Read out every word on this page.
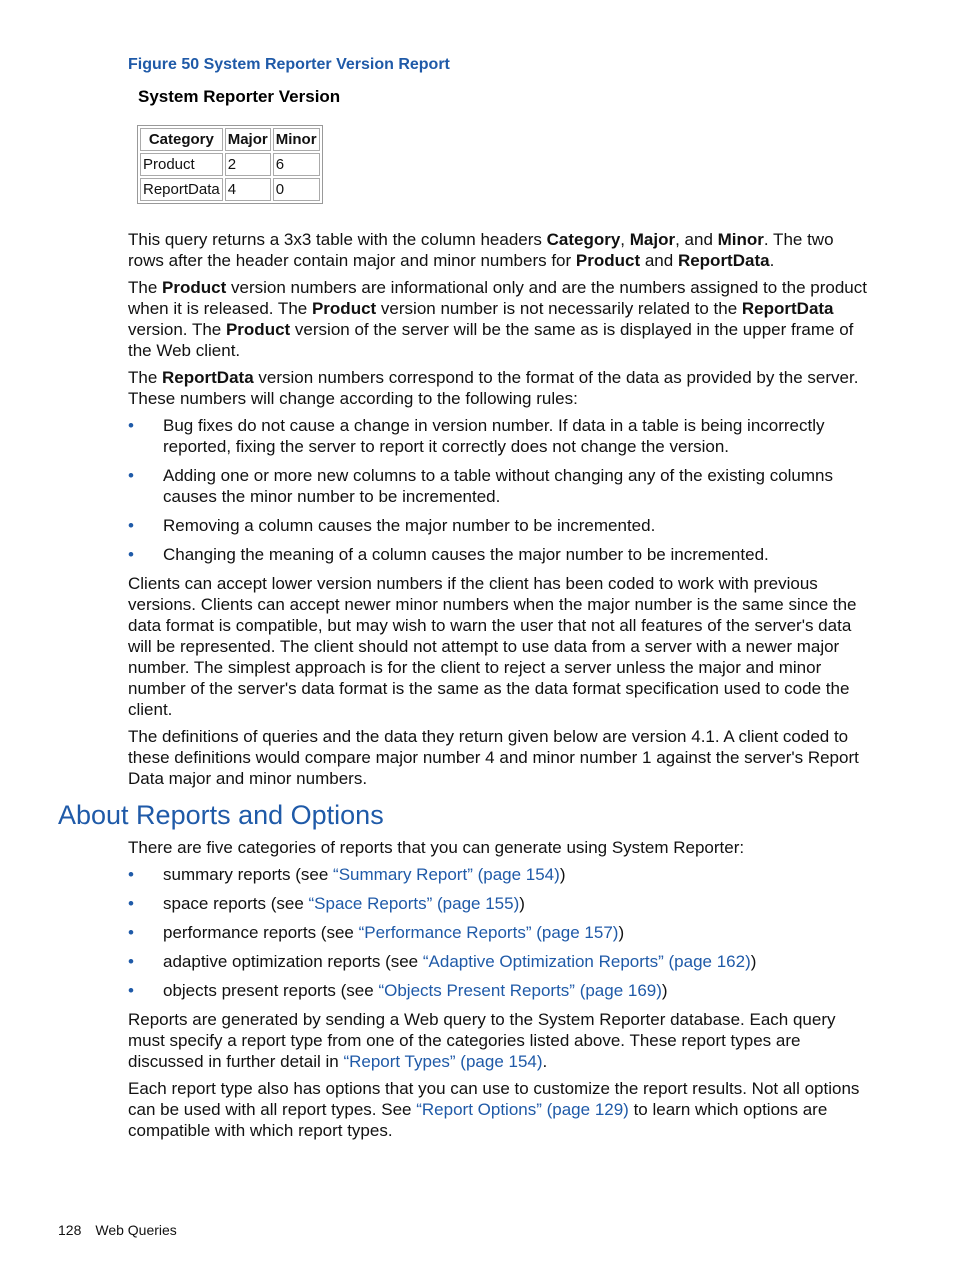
Figure 50 System Reporter Version Report
System Reporter Version
Category	Major	Minor
Product	2	6
ReportData	4	0

This query returns a 3x3 table with the column headers Category, Major, and Minor. The two rows after the header contain major and minor numbers for Product and ReportData.

The Product version numbers are informational only and are the numbers assigned to the product when it is released. The Product version number is not necessarily related to the ReportData version. The Product version of the server will be the same as is displayed in the upper frame of the Web client.

The ReportData version numbers correspond to the format of the data as provided by the server. These numbers will change according to the following rules:

• Bug fixes do not cause a change in version number. If data in a table is being incorrectly reported, fixing the server to report it correctly does not change the version.
• Adding one or more new columns to a table without changing any of the existing columns causes the minor number to be incremented.
• Removing a column causes the major number to be incremented.
• Changing the meaning of a column causes the major number to be incremented.

Clients can accept lower version numbers if the client has been coded to work with previous versions. Clients can accept newer minor numbers when the major number is the same since the data format is compatible, but may wish to warn the user that not all features of the server's data will be represented. The client should not attempt to use data from a server with a newer major number. The simplest approach is for the client to reject a server unless the major and minor number of the server's data format is the same as the data format specification used to code the client.

The definitions of queries and the data they return given below are version 4.1. A client coded to these definitions would compare major number 4 and minor number 1 against the server's Report Data major and minor numbers.

About Reports and Options

There are five categories of reports that you can generate using System Reporter:

• summary reports (see “Summary Report” (page 154))
• space reports (see “Space Reports” (page 155))
• performance reports (see “Performance Reports” (page 157))
• adaptive optimization reports (see “Adaptive Optimization Reports” (page 162))
• objects present reports (see “Objects Present Reports” (page 169))

Reports are generated by sending a Web query to the System Reporter database. Each query must specify a report type from one of the categories listed above. These report types are discussed in further detail in “Report Types” (page 154).

Each report type also has options that you can use to customize the report results. Not all options can be used with all report types. See “Report Options” (page 129) to learn which options are compatible with which report types.

128 Web Queries
